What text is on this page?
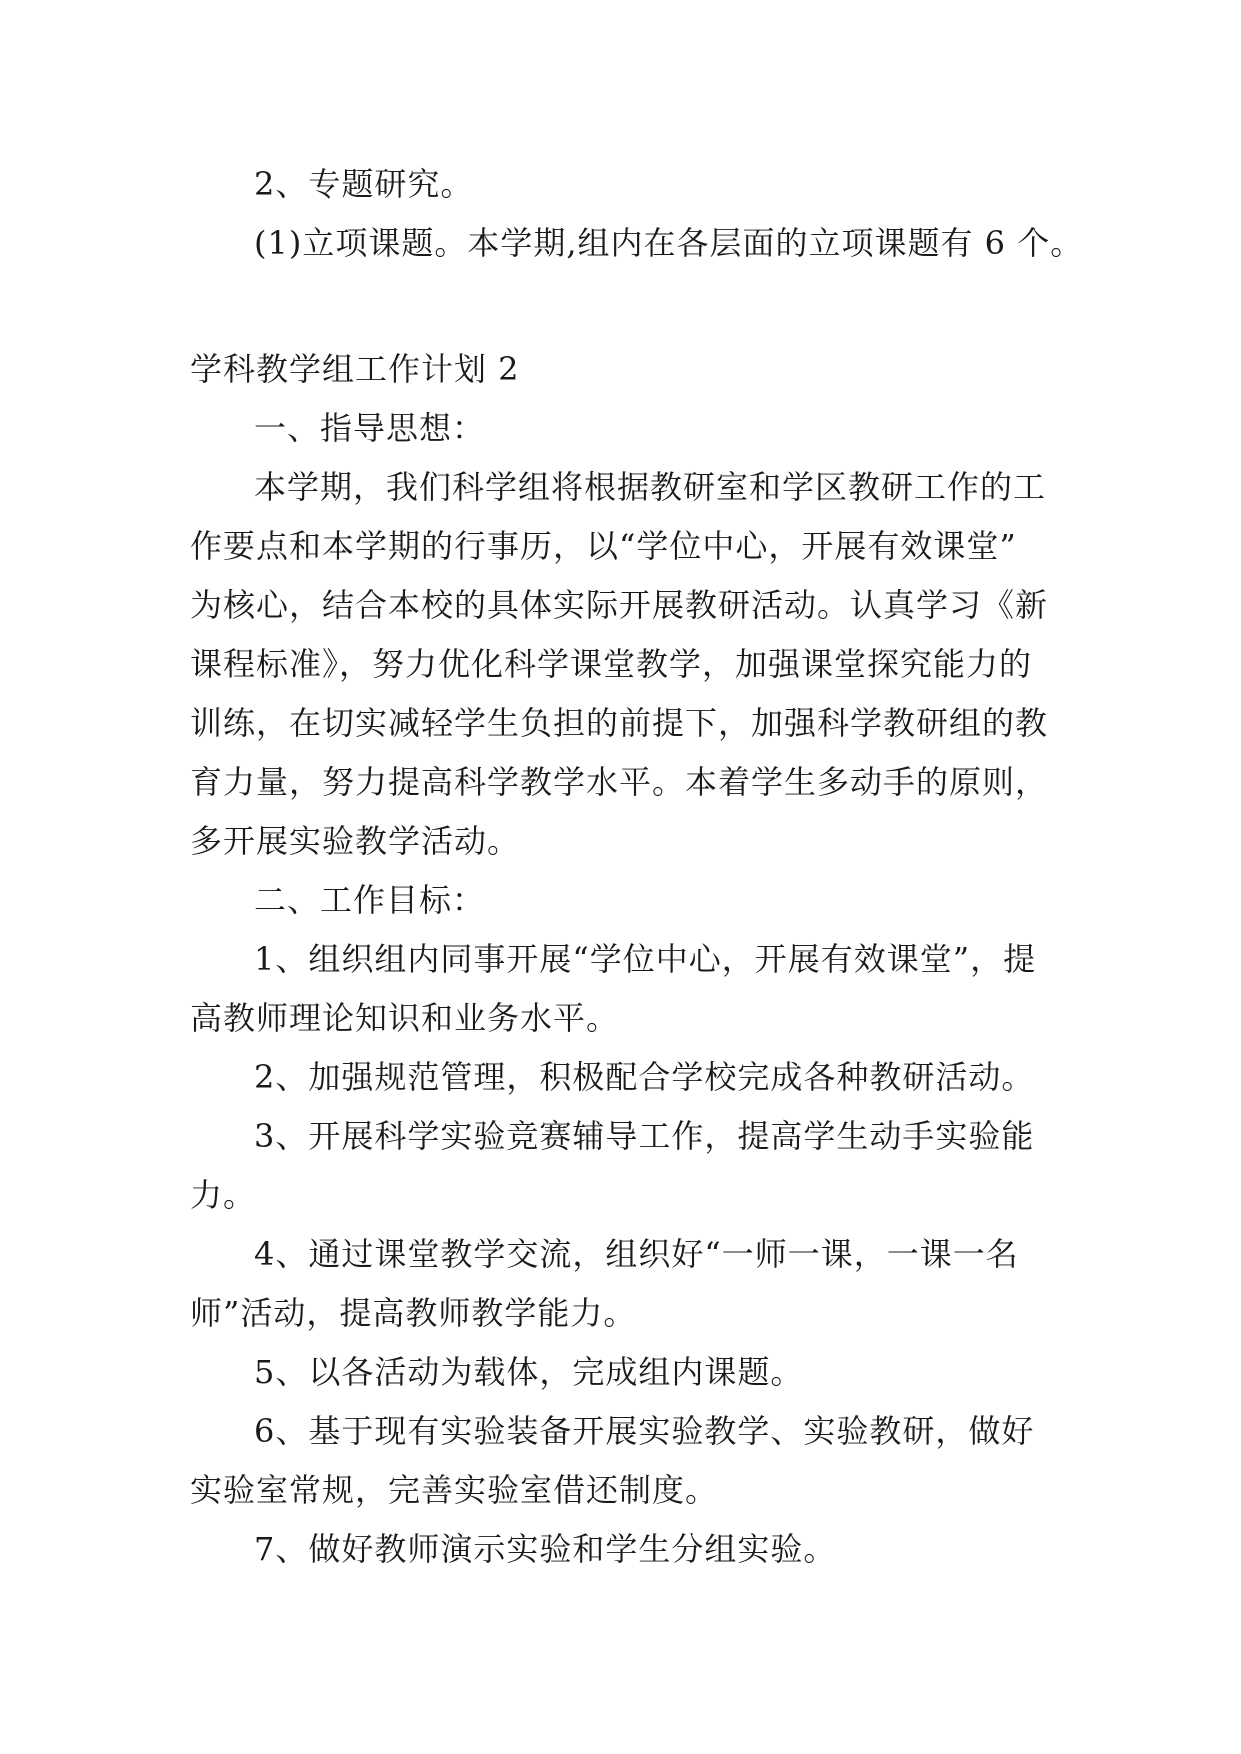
2、专题研究。

(1)立项课题。本学期,组内在各层面的立项课题有 6 个。

学科教学组工作计划 2

一、指导思想：

本学期，我们科学组将根据教研室和学区教研工作的工

作要点和本学期的行事历，以“学位中心，开展有效课堂”

为核心，结合本校的具体实际开展教研活动。认真学习《新

课程标准》，努力优化科学课堂教学，加强课堂探究能力的

训练，在切实减轻学生负担的前提下，加强科学教研组的教

育力量，努力提高科学教学水平。本着学生多动手的原则，

多开展实验教学活动。

二、工作目标：

1、组织组内同事开展“学位中心，开展有效课堂”，提

高教师理论知识和业务水平。

2、加强规范管理，积极配合学校完成各种教研活动。

3、开展科学实验竞赛辅导工作，提高学生动手实验能

力。

4、通过课堂教学交流，组织好“一师一课，一课一名

师”活动，提高教师教学能力。

5、以各活动为载体，完成组内课题。

6、基于现有实验装备开展实验教学、实验教研，做好

实验室常规，完善实验室借还制度。

7、做好教师演示实验和学生分组实验。
